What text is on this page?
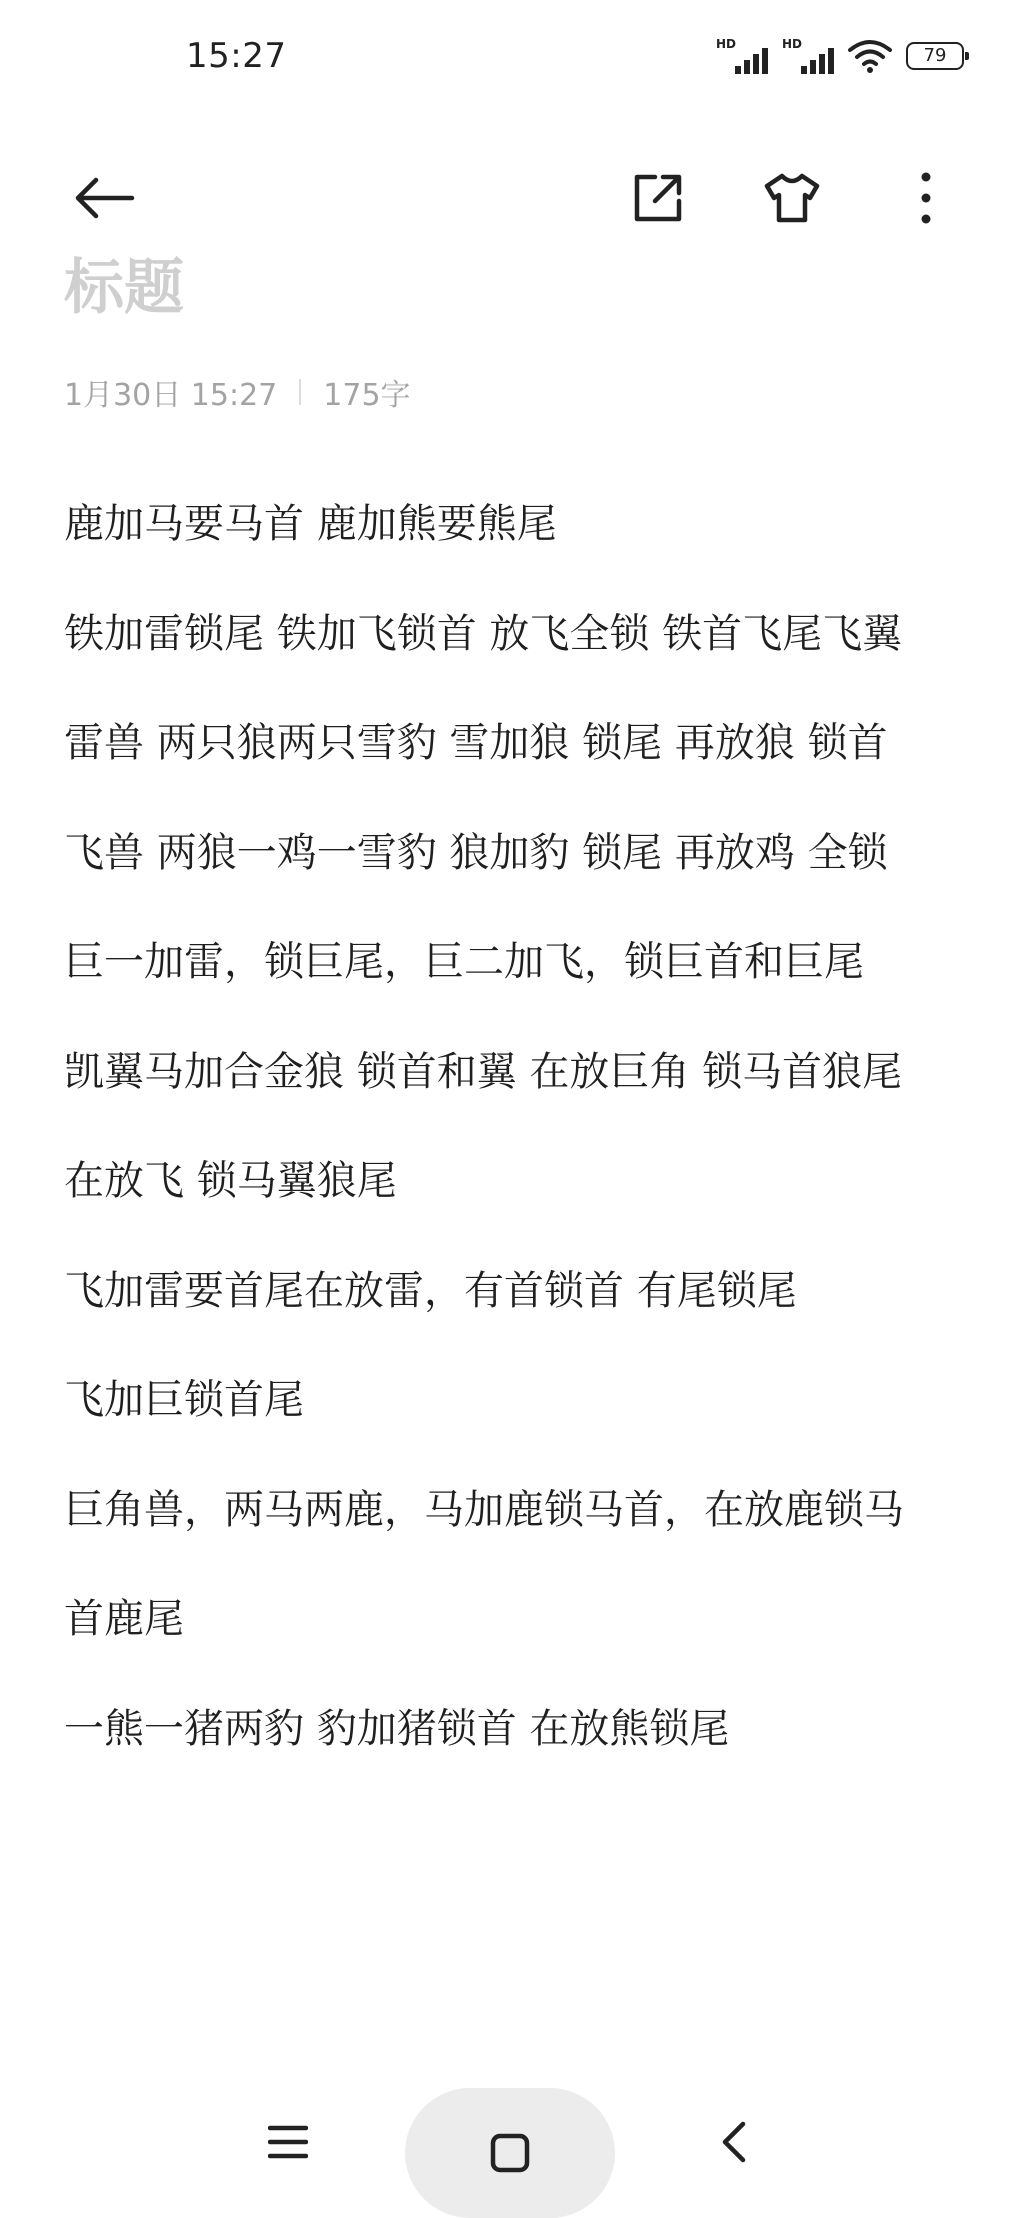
15:27	HD	HD
79
标题
1月30日 15:27 175字
鹿加马要马首 鹿加熊要熊尾
铁加雷锁尾 铁加飞锁首 放飞全锁 铁首飞尾飞翼
雷兽 两只狼两只雪豹 雪加狼 锁尾 再放狼 锁首
飞兽 两狼一鸡一雪豹 狼加豹 锁尾 再放鸡 全锁
巨一加雷，锁巨尾，巨二加飞，锁巨首和巨尾
凯翼马加合金狼 锁首和翼 在放巨角 锁马首狼尾
在放飞 锁马翼狼尾
飞加雷要首尾在放雷，有首锁首 有尾锁尾
飞加巨锁首尾
巨角兽，两马两鹿，马加鹿锁马首，在放鹿锁马
首鹿尾
一熊一猪两豹 豹加猪锁首 在放熊锁尾
